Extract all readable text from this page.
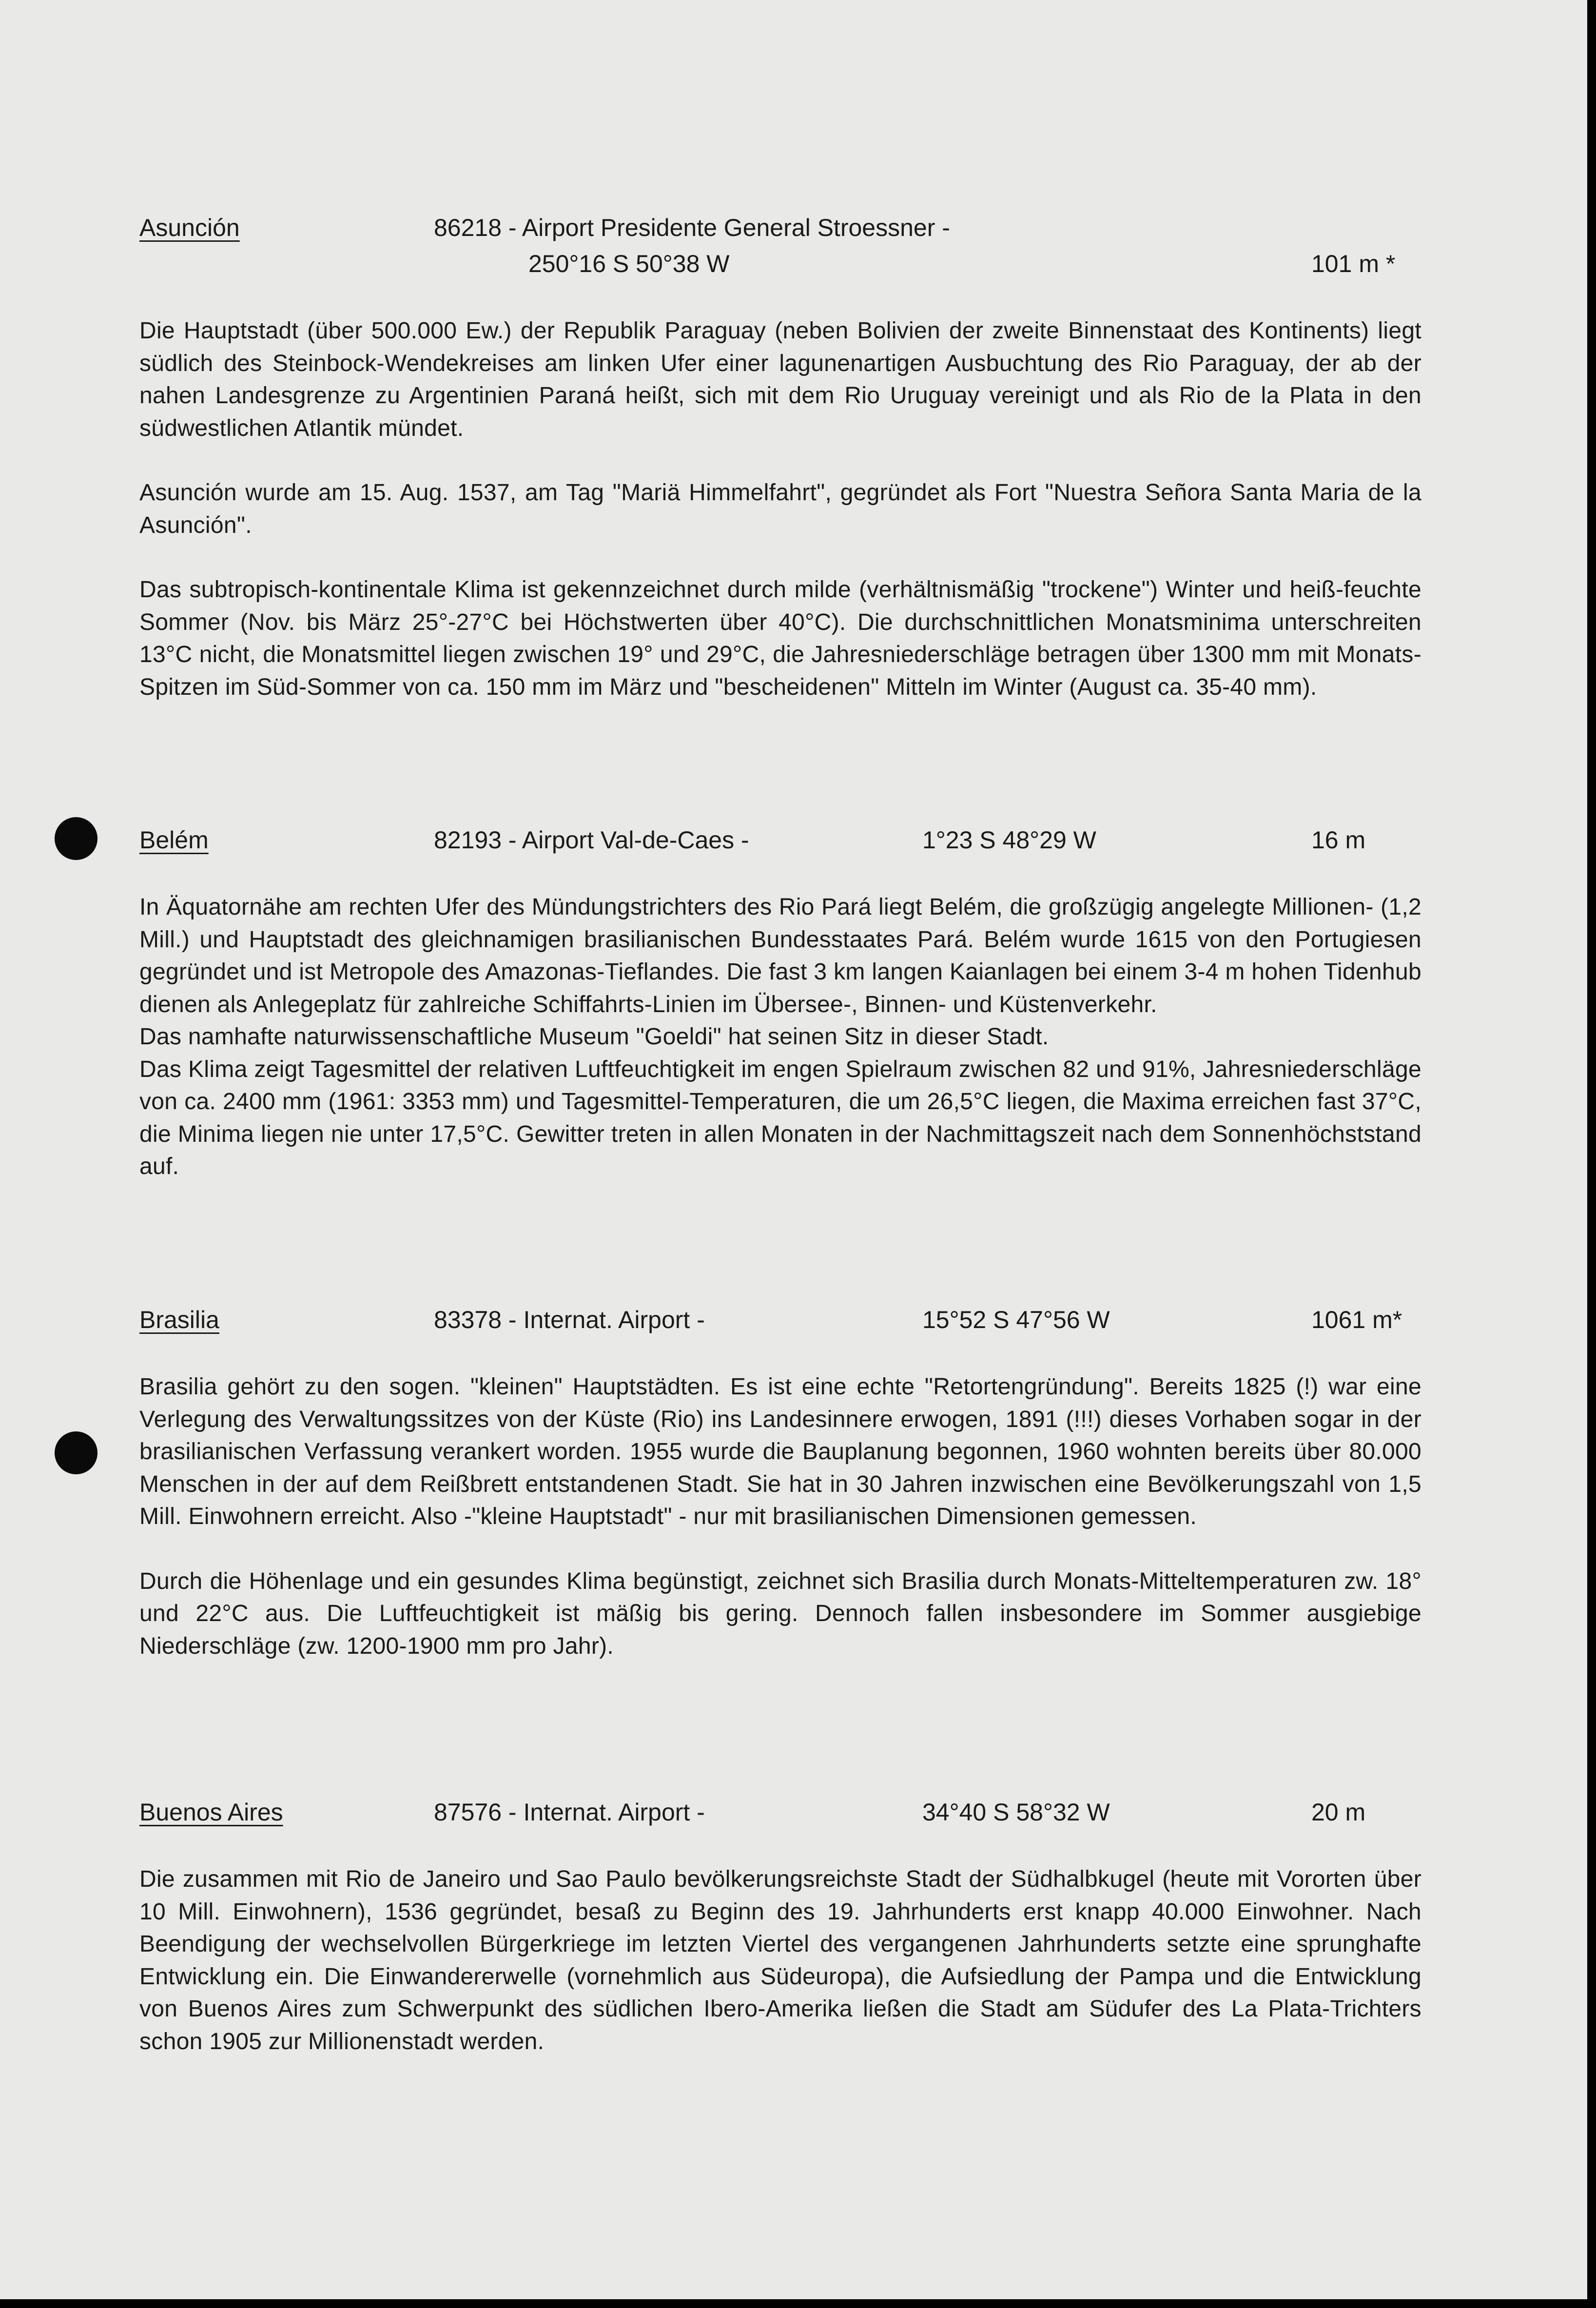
Asunción	86218 - Airport Presidente General Stroessner -
250°16 S 50°38 W	101 m *

Die Hauptstadt (über 500.000 Ew.) der Republik Paraguay (neben Bolivien der zweite Binnenstaat des Kontinents) liegt südlich des Steinbock-Wendekreises am linken Ufer einer lagunenartigen Ausbuchtung des Rio Paraguay, der ab der nahen Landesgrenze zu Argentinien Paraná heißt, sich mit dem Rio Uruguay vereinigt und als Rio de la Plata in den südwestlichen Atlantik mündet.

Asunción wurde am 15. Aug. 1537, am Tag "Mariä Himmelfahrt", gegründet als Fort "Nuestra Señora Santa Maria de la Asunción".

Das subtropisch-kontinentale Klima ist gekennzeichnet durch milde (verhältnismäßig "trockene") Winter und heiß-feuchte Sommer (Nov. bis März 25°-27°C bei Höchstwerten über 40°C). Die durchschnittlichen Monatsminima unterschreiten 13°C nicht, die Monatsmittel liegen zwischen 19° und 29°C, die Jahresniederschläge betragen über 1300 mm mit Monats-Spitzen im Süd-Sommer von ca. 150 mm im März und "bescheidenen" Mitteln im Winter (August ca. 35-40 mm).

Belém	82193 - Airport Val-de-Caes -	1°23 S 48°29 W	16 m

In Äquatornähe am rechten Ufer des Mündungstrichters des Rio Pará liegt Belém, die großzügig angelegte Millionen- (1,2 Mill.) und Hauptstadt des gleichnamigen brasilianischen Bundesstaates Pará. Belém wurde 1615 von den Portugiesen gegründet und ist Metropole des Amazonas-Tieflandes. Die fast 3 km langen Kaianlagen bei einem 3-4 m hohen Tidenhub dienen als Anlegeplatz für zahlreiche Schiffahrts-Linien im Übersee-, Binnen- und Küstenverkehr.

Das namhafte naturwissenschaftliche Museum "Goeldi" hat seinen Sitz in dieser Stadt.

Das Klima zeigt Tagesmittel der relativen Luftfeuchtigkeit im engen Spielraum zwischen 82 und 91%, Jahresniederschläge von ca. 2400 mm (1961: 3353 mm) und Tagesmittel-Temperaturen, die um 26,5°C liegen, die Maxima erreichen fast 37°C, die Minima liegen nie unter 17,5°C. Gewitter treten in allen Monaten in der Nachmittagszeit nach dem Sonnenhöchststand auf.

Brasilia	83378 - Internat. Airport -	15°52 S 47°56 W	1061 m*

Brasilia gehört zu den sogen. "kleinen" Hauptstädten. Es ist eine echte "Retortengründung". Bereits 1825 (!) war eine Verlegung des Verwaltungssitzes von der Küste (Rio) ins Landesinnere erwogen, 1891 (!!!) dieses Vorhaben sogar in der brasilianischen Verfassung verankert worden. 1955 wurde die Bauplanung begonnen, 1960 wohnten bereits über 80.000 Menschen in der auf dem Reißbrett entstandenen Stadt. Sie hat in 30 Jahren inzwischen eine Bevölkerungszahl von 1,5 Mill. Einwohnern erreicht. Also -"kleine Hauptstadt" - nur mit brasilianischen Dimensionen gemessen.

Durch die Höhenlage und ein gesundes Klima begünstigt, zeichnet sich Brasilia durch Monats-Mitteltemperaturen zw. 18° und 22°C aus. Die Luftfeuchtigkeit ist mäßig bis gering. Dennoch fallen insbesondere im Sommer ausgiebige Niederschläge (zw. 1200-1900 mm pro Jahr).

Buenos Aires	87576 - Internat. Airport -	34°40 S 58°32 W	20 m

Die zusammen mit Rio de Janeiro und Sao Paulo bevölkerungsreichste Stadt der Südhalbkugel (heute mit Vororten über 10 Mill. Einwohnern), 1536 gegründet, besaß zu Beginn des 19. Jahrhunderts erst knapp 40.000 Einwohner. Nach Beendigung der wechselvollen Bürgerkriege im letzten Viertel des vergangenen Jahrhunderts setzte eine sprunghafte Entwicklung ein. Die Einwandererwelle (vornehmlich aus Südeuropa), die Aufsiedlung der Pampa und die Entwicklung von Buenos Aires zum Schwerpunkt des südlichen Ibero-Amerika ließen die Stadt am Südufer des La Plata-Trichters schon 1905 zur Millionenstadt werden.
